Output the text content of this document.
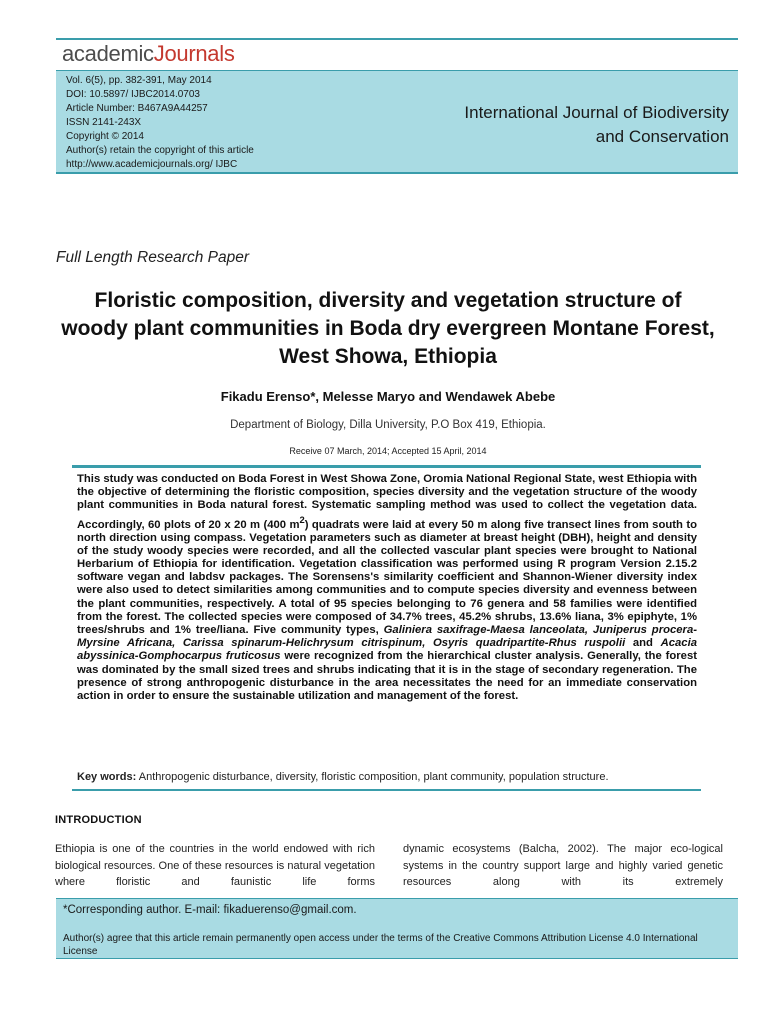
academicJournals
Vol. 6(5), pp. 382-391, May 2014
DOI: 10.5897/ IJBC2014.0703
Article Number: B467A9A44257
ISSN 2141-243X
Copyright © 2014
Author(s) retain the copyright of this article
http://www.academicjournals.org/ IJBC
International Journal of Biodiversity
and Conservation
Full Length Research Paper
Floristic composition, diversity and vegetation structure of woody plant communities in Boda dry evergreen Montane Forest, West Showa, Ethiopia
Fikadu Erenso*, Melesse Maryo and Wendawek Abebe
Department of Biology, Dilla University, P.O Box 419, Ethiopia.
Receive 07 March, 2014; Accepted 15 April, 2014
This study was conducted on Boda Forest in West Showa Zone, Oromia National Regional State, west Ethiopia with the objective of determining the floristic composition, species diversity and the vegetation structure of the woody plant communities in Boda natural forest. Systematic sampling method was used to collect the vegetation data. Accordingly, 60 plots of 20 x 20 m (400 $m^2$) quadrats were laid at every 50 m along five transect lines from south to north direction using compass. Vegetation parameters such as diameter at breast height (DBH), height and density of the study woody species were recorded, and all the collected vascular plant species were brought to National Herbarium of Ethiopia for identification. Vegetation classification was performed using R program Version 2.15.2 software vegan and labdsv packages. The Sorensens's similarity coefficient and Shannon-Wiener diversity index were also used to detect similarities among communities and to compute species diversity and evenness between the plant communities, respectively. A total of 95 species belonging to 76 genera and 58 families were identified from the forest. The collected species were composed of 34.7% trees, 45.2% shrubs, 13.6% liana, 3% epiphyte, 1% trees/shrubs and 1% tree/liana. Five community types, Galiniera saxifrage-Maesa lanceolata, Juniperus procera-Myrsine Africana, Carissa spinarum-Helichrysum citrispinum, Osyris quadripartite-Rhus ruspolii and Acacia abyssinica-Gomphocarpus fruticosus were recognized from the hierarchical cluster analysis. Generally, the forest was dominated by the small sized trees and shrubs indicating that it is in the stage of secondary regeneration. The presence of strong anthropogenic disturbance in the area necessitates the need for an immediate conservation action in order to ensure the sustainable utilization and management of the forest.
Key words: Anthropogenic disturbance, diversity, floristic composition, plant community, population structure.
INTRODUCTION
Ethiopia is one of the countries in the world endowed with rich biological resources. One of these resources is natural vegetation where floristic and faunistic life forms
dynamic ecosystems (Balcha, 2002). The major eco-logical systems in the country support large and highly varied genetic resources along with its extremely
*Corresponding author. E-mail: fikaduerenso@gmail.com.
Author(s) agree that this article remain permanently open access under the terms of the Creative Commons Attribution License 4.0 International License
